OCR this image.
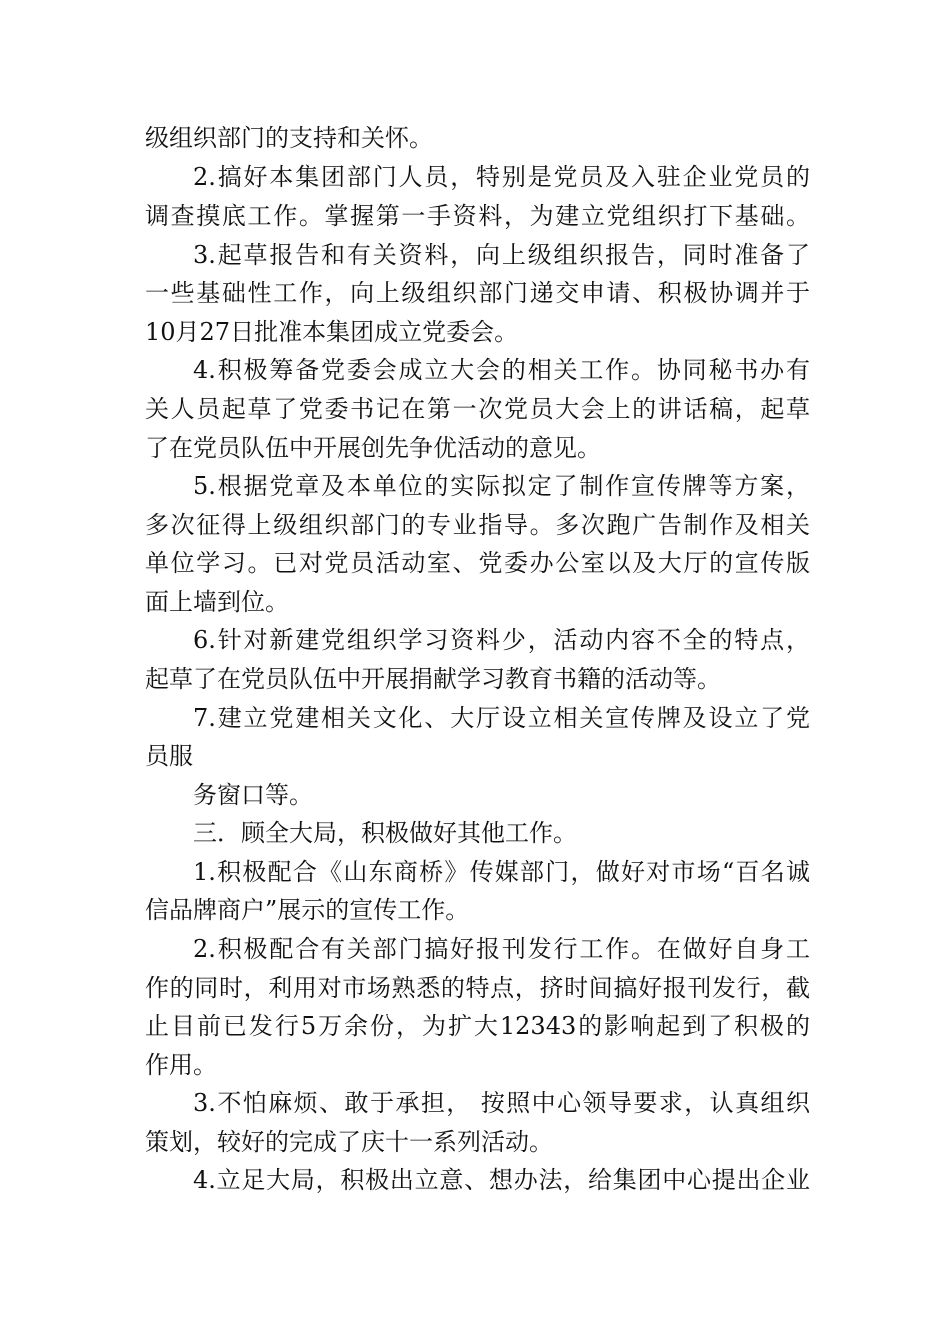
级组织部门的支持和关怀。
2.搞好本集团部门人员，特别是党员及入驻企业党员的
调查摸底工作。掌握第一手资料，为建立党组织打下基础。
3.起草报告和有关资料，向上级组织报告，同时准备了
一些基础性工作，向上级组织部门递交申请、积极协调并于
10月27日批准本集团成立党委会。
4.积极筹备党委会成立大会的相关工作。协同秘书办有
关人员起草了党委书记在第一次党员大会上的讲话稿，起草
了在党员队伍中开展创先争优活动的意见。
5.根据党章及本单位的实际拟定了制作宣传牌等方案，
多次征得上级组织部门的专业指导。多次跑广告制作及相关
单位学习。已对党员活动室、党委办公室以及大厅的宣传版
面上墙到位。
6.针对新建党组织学习资料少，活动内容不全的特点，
起草了在党员队伍中开展捐献学习教育书籍的活动等。
7.建立党建相关文化、大厅设立相关宣传牌及设立了党
员服
务窗口等。
三．顾全大局，积极做好其他工作。
1.积极配合《山东商桥》传媒部门，做好对市场“百名诚
信品牌商户”展示的宣传工作。
2.积极配合有关部门搞好报刊发行工作。在做好自身工
作的同时，利用对市场熟悉的特点，挤时间搞好报刊发行，截
止目前已发行5万余份，为扩大12343的影响起到了积极的
作用。
3.不怕麻烦、敢于承担， 按照中心领导要求，认真组织
策划，较好的完成了庆十一系列活动。
4.立足大局，积极出立意、想办法，给集团中心提出企业
